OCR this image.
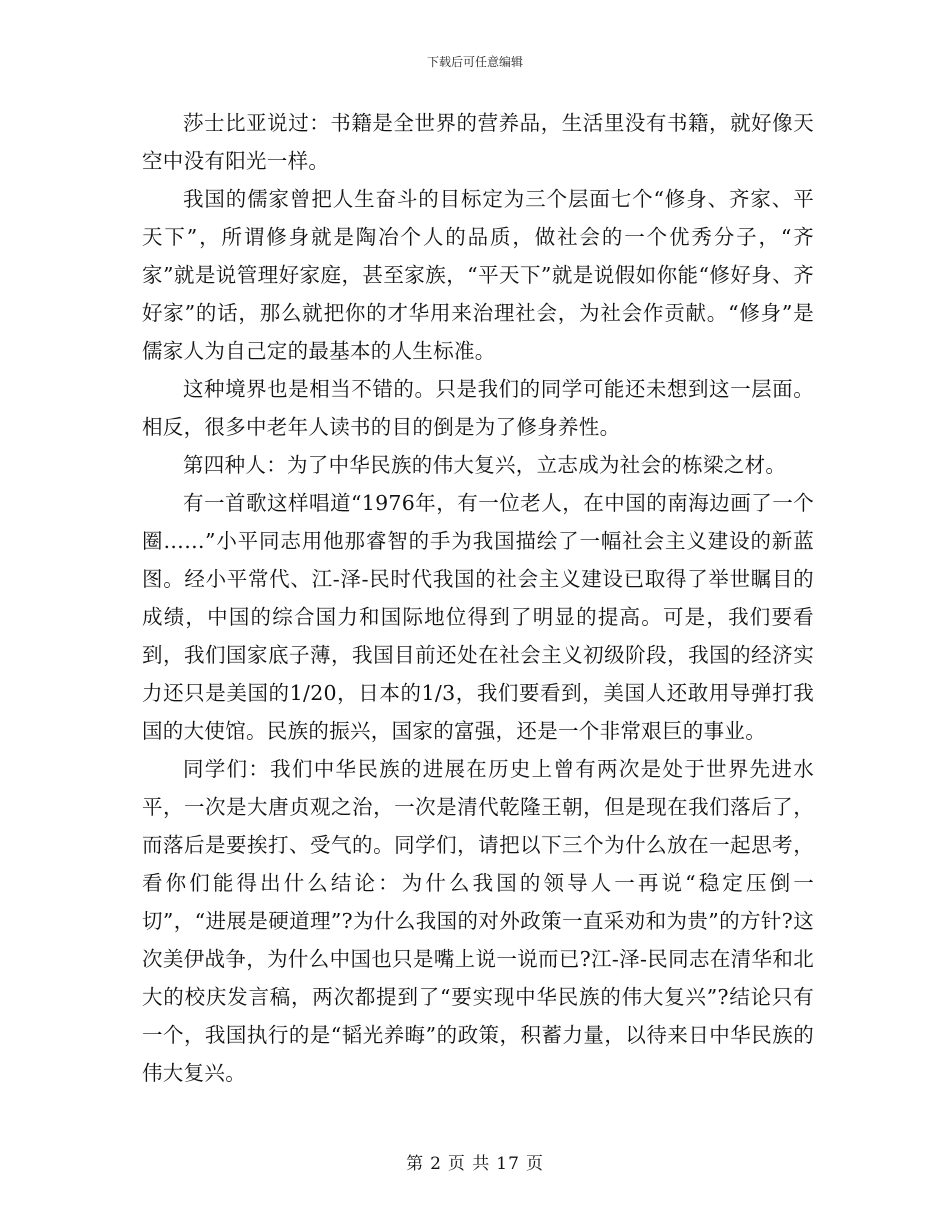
下载后可任意编辑

莎士比亚说过：书籍是全世界的营养品，生活里没有书籍，就好像天空中没有阳光一样。

我国的儒家曾把人生奋斗的目标定为三个层面七个“修身、齐家、平天下”，所谓修身就是陶冶个人的品质，做社会的一个优秀分子，“齐家”就是说管理好家庭，甚至家族，“平天下”就是说假如你能“修好身、齐好家”的话，那么就把你的才华用来治理社会，为社会作贡献。“修身”是儒家人为自己定的最基本的人生标准。

这种境界也是相当不错的。只是我们的同学可能还未想到这一层面。相反，很多中老年人读书的目的倒是为了修身养性。

第四种人：为了中华民族的伟大复兴，立志成为社会的栋梁之材。

有一首歌这样唱道“1976年，有一位老人，在中国的南海边画了一个圈……”小平同志用他那睿智的手为我国描绘了一幅社会主义建设的新蓝图。经小平常代、江-泽-民时代我国的社会主义建设已取得了举世瞩目的成绩，中国的综合国力和国际地位得到了明显的提高。可是，我们要看到，我们国家底子薄，我国目前还处在社会主义初级阶段，我国的经济实力还只是美国的1/20，日本的1/3，我们要看到，美国人还敢用导弹打我国的大使馆。民族的振兴，国家的富强，还是一个非常艰巨的事业。

同学们：我们中华民族的进展在历史上曾有两次是处于世界先进水平，一次是大唐贞观之治，一次是清代乾隆王朝，但是现在我们落后了，而落后是要挨打、受气的。同学们，请把以下三个为什么放在一起思考，看你们能得出什么结论：为什么我国的领导人一再说“稳定压倒一切”，“进展是硬道理”?为什么我国的对外政策一直采劝和为贵”的方针?这次美伊战争，为什么中国也只是嘴上说一说而已?江-泽-民同志在清华和北大的校庆发言稿，两次都提到了“要实现中华民族的伟大复兴”?结论只有一个，我国执行的是“韬光养晦”的政策，积蓄力量，以待来日中华民族的伟大复兴。

第 2 页 共 17 页
